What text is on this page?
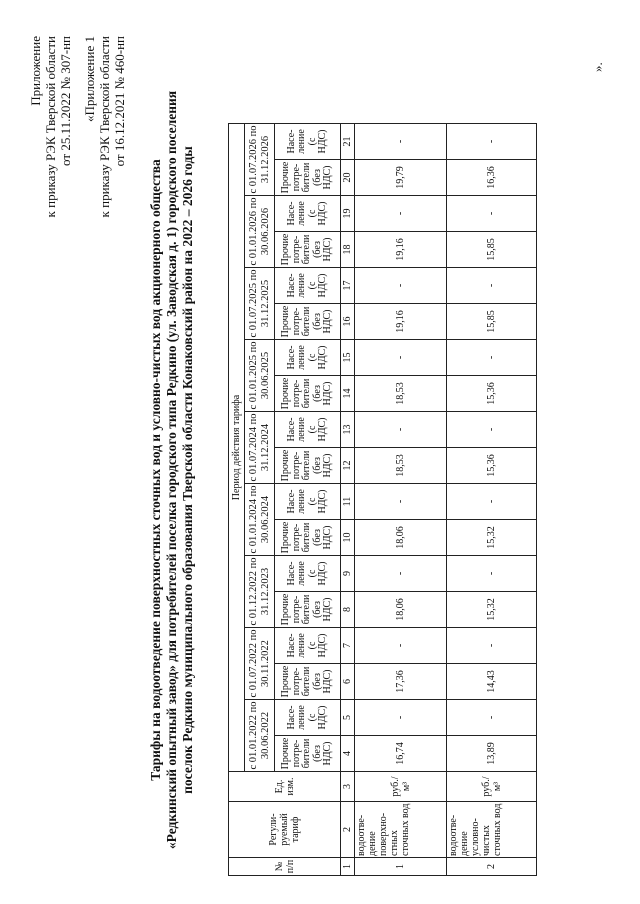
Приложение к приказу РЭК Тверской области от 25.11.2022 № 307-нп «Приложение 1 к приказу РЭК Тверской области от 16.12.2021 № 460-нп
Тарифы на водоотведение поверхностных сточных вод и условно-чистых вод акционерного общества «Редкинский опытный завод» для потребителей поселка городского типа Редкино (ул. Заводская д. 1) городского поселения поселок Редкино муниципального образования Тверской области Конаковский район на 2022 – 2026 годы
№ п/п	Регули-руемый тариф	Ед. изм.	Период действия тарифа																	
			с 01.01.2022 по 30.06.2022		с 01.07.2022 по 30.11.2022		с 01.12.2022 по 31.12.2023		с 01.01.2024 по 30.06.2024		с 01.07.2024 по 31.12.2024		с 01.01.2025 по 30.06.2025		с 01.07.2025 по 31.12.2025		с 01.01.2026 по 30.06.2026		с 01.07.2026 по 31.12.2026	
			Прочие потре-бители (без НДС)	Насе-ление (с НДС)	Прочие потре-бители (без НДС)	Насе-ление (с НДС)	Прочие потре-бители (без НДС)	Насе-ление (с НДС)	Прочие потре-бители (без НДС)	Насе-ление (с НДС)	Прочие потре-бители (без НДС)	Насе-ление (с НДС)	Прочие потре-бители (без НДС)	Насе-ление (с НДС)	Прочие потре-бители (без НДС)	Насе-ление (с НДС)	Прочие потре-бители (без НДС)	Насе-ление (с НДС)	Прочие потре-бители (без НДС)	Насе-ление (с НДС)
1	2	3	4	5	6	7	8	9	10	11	12	13	14	15	16	17	18	19	20	21
1	водоотве-дение поверхно-стных сточных вод	руб./м³	16,74	-	17,36	-	18,06	-	18,06	-	18,53	-	18,53	-	19,16	-	19,16	-	19,79	-
2	водоотве-дение условно-чистых сточных вод	руб./м³	13,89	-	14,43	-	15,32	-	15,32	-	15,36	-	15,36	-	15,85	-	15,85	-	16,36	-
».
